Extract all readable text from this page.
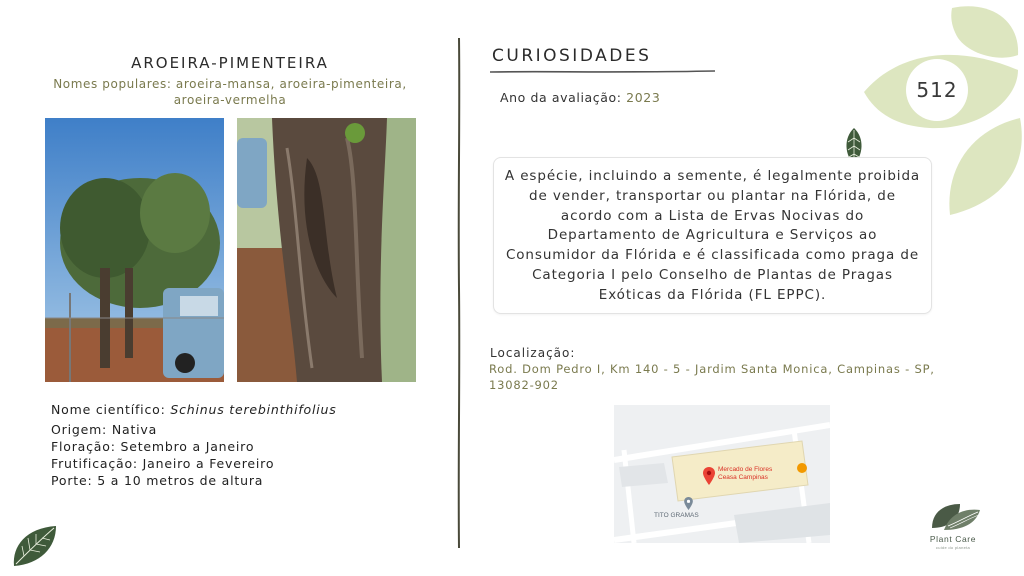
512
AROEIRA-PIMENTEIRA
Nomes populares: aroeira-mansa, aroeira-pimenteira,
aroeira-vermelha
Nome científico: Schinus terebinthifolius
Origem: Nativa
Floração: Setembro a Janeiro
Frutificação: Janeiro a Fevereiro
Porte: 5 a 10 metros de altura
CURIOSIDADES
Ano da avaliação: 2023
A espécie, incluindo a semente, é legalmente proibida de vender, transportar ou plantar na Flórida, de acordo com a Lista de Ervas Nocivas do Departamento de Agricultura e Serviços ao Consumidor da Flórida e é classificada como praga de Categoria I pelo Conselho de Plantas de Pragas Exóticas da Flórida (FL EPPC).
Localização:
Rod. Dom Pedro I, Km 140 - 5 - Jardim Santa Monica, Campinas - SP,
13082-902
Mercado de Flores
Ceasa Campinas
TITO GRAMAS
Plant Care
cuide do planeta
